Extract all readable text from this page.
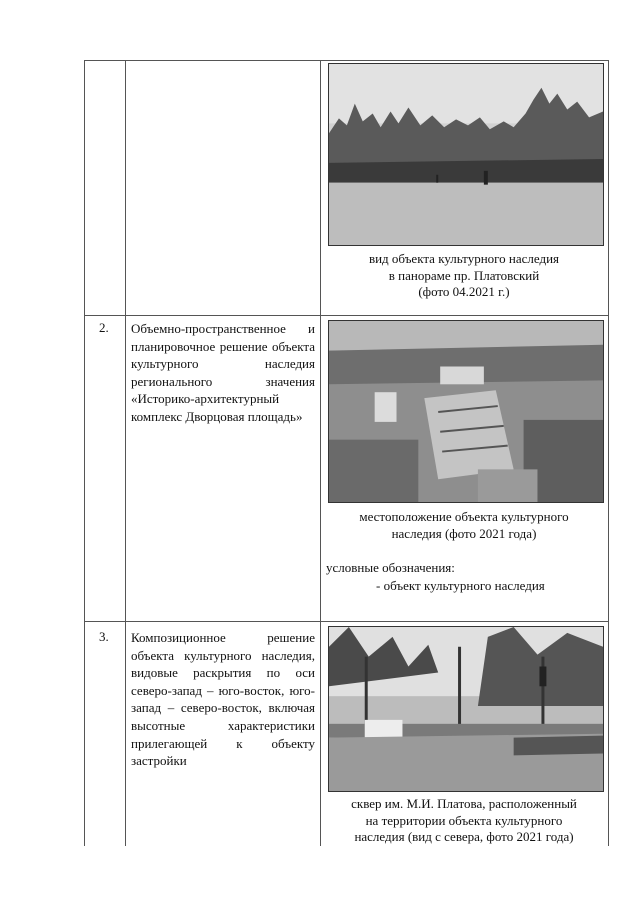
вид объекта культурного наследия
в панораме пр. Платовский
(фото 04.2021 г.)
2. Объемно-пространственное и планировочное решение объекта культурного наследия регионального значения «Историко-архитектурный комплекс Дворцовая площадь»
местоположение объекта культурного
наследия (фото 2021 года)
условные обозначения:
- объект культурного наследия
3. Композиционное решение объекта культурного наследия, видовые раскрытия по оси северо-запад – юго-восток, юго-запад – северо-восток, включая высотные характеристики прилегающей к объекту застройки
сквер им. М.И. Платова, расположенный
на территории объекта культурного
наследия (вид с севера, фото 2021 года)
